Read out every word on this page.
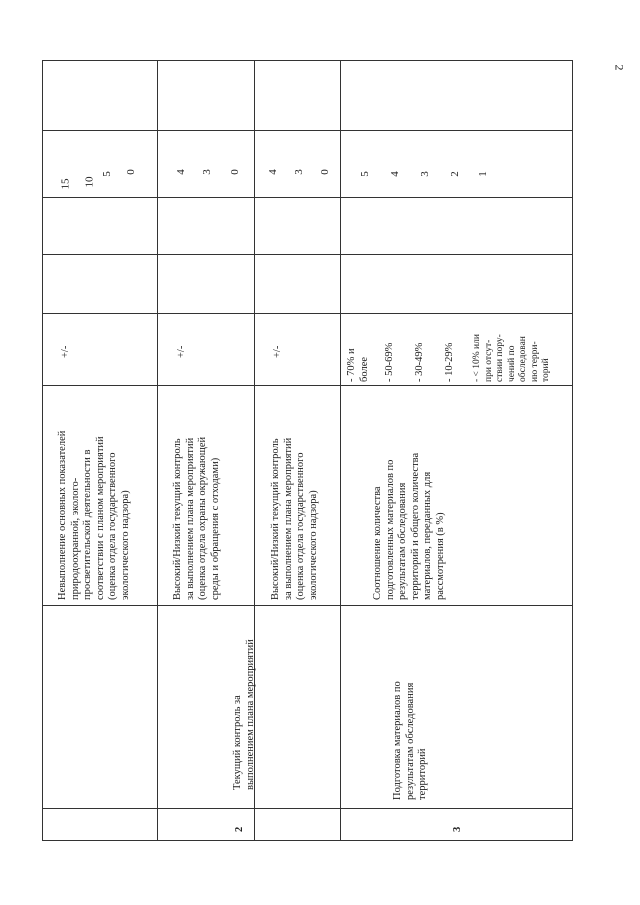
2
Невыполнение основных показателей природоохранной, эколого- просветительской деятельности в соответствии с планом мероприятий (оценка отдела государственного экологического надзора)
+/-
15 10
5 0
2
Текущий контроль за выполнением плана мероприятий
Высокий/Низкий текущий контроль за выполнением плана мероприятий (оценка отдела охраны окружающей среды и обращения с отходами)
+/-
4 3 0
Высокий/Низкий текущий контроль за выполнением плана мероприятий (оценка отдела государственного экологического надзора)
+/-
4 3 0
3
Подготовка материалов по результатам обследования территорий
Соотношение количества подготовленных материалов по результатам обследования территорий и общего количества материалов, переданных для рассмотрения (в %)
- 70% и более - 50-69% - 30-49% - 10-29% - < 10% или при отсут- ствии пору- чений по обследован ию терри- торий
5 4 3 2 1
